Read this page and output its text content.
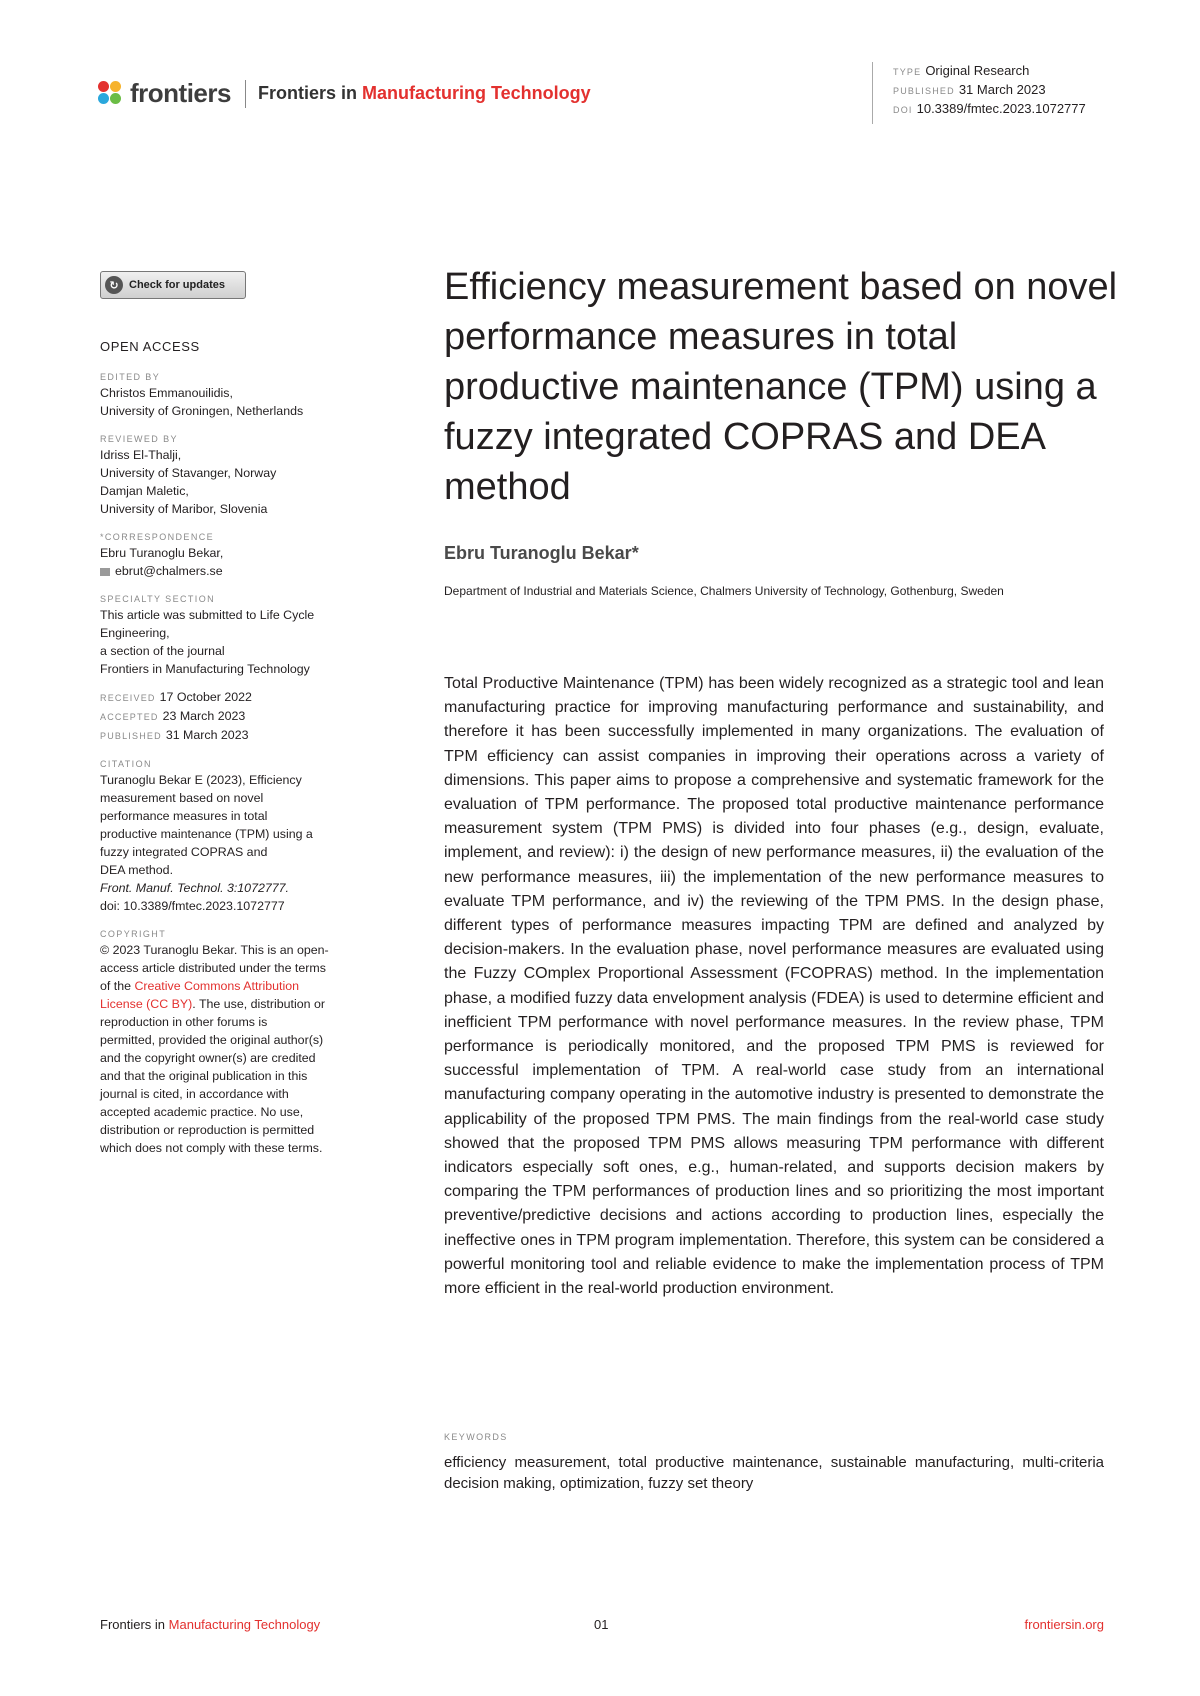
frontiers Frontiers in Manufacturing Technology
TYPE Original Research
PUBLISHED 31 March 2023
DOI 10.3389/fmtec.2023.1072777
↻ Check for updates
OPEN ACCESS
EDITED BY
Christos Emmanouilidis,
University of Groningen, Netherlands
REVIEWED BY
Idriss El-Thalji,
University of Stavanger, Norway
Damjan Maletic,
University of Maribor, Slovenia
*CORRESPONDENCE
Ebru Turanoglu Bekar,
ebrut@chalmers.se
SPECIALTY SECTION
This article was submitted to Life Cycle
Engineering,
a section of the journal
Frontiers in Manufacturing Technology
RECEIVED 17 October 2022
ACCEPTED 23 March 2023
PUBLISHED 31 March 2023
CITATION
Turanoglu Bekar E (2023), Efficiency
measurement based on novel
performance measures in total
productive maintenance (TPM) using a
fuzzy integrated COPRAS and
DEA method.
Front. Manuf. Technol. 3:1072777.
doi: 10.3389/fmtec.2023.1072777
COPYRIGHT
© 2023 Turanoglu Bekar. This is an open-
access article distributed under the terms
of the Creative Commons Attribution
License (CC BY). The use, distribution or
reproduction in other forums is
permitted, provided the original author(s)
and the copyright owner(s) are credited
and that the original publication in this
journal is cited, in accordance with
accepted academic practice. No use,
distribution or reproduction is permitted
which does not comply with these terms.
Efficiency measurement based on novel performance measures in total productive maintenance (TPM) using a fuzzy integrated COPRAS and DEA method
Ebru Turanoglu Bekar*
Department of Industrial and Materials Science, Chalmers University of Technology, Gothenburg, Sweden

Total Productive Maintenance (TPM) has been widely recognized as a strategic tool and lean manufacturing practice for improving manufacturing performance and sustainability, and therefore it has been successfully implemented in many organizations. The evaluation of TPM efficiency can assist companies in improving their operations across a variety of dimensions. This paper aims to propose a comprehensive and systematic framework for the evaluation of TPM performance. The proposed total productive maintenance performance measurement system (TPM PMS) is divided into four phases (e.g., design, evaluate, implement, and review): i) the design of new performance measures, ii) the evaluation of the new performance measures, iii) the implementation of the new performance measures to evaluate TPM performance, and iv) the reviewing of the TPM PMS. In the design phase, different types of performance measures impacting TPM are defined and analyzed by decision-makers. In the evaluation phase, novel performance measures are evaluated using the Fuzzy COmplex Proportional Assessment (FCOPRAS) method. In the implementation phase, a modified fuzzy data envelopment analysis (FDEA) is used to determine efficient and inefficient TPM performance with novel performance measures. In the review phase, TPM performance is periodically monitored, and the proposed TPM PMS is reviewed for successful implementation of TPM. A real-world case study from an international manufacturing company operating in the automotive industry is presented to demonstrate the applicability of the proposed TPM PMS. The main findings from the real-world case study showed that the proposed TPM PMS allows measuring TPM performance with different indicators especially soft ones, e.g., human-related, and supports decision makers by comparing the TPM performances of production lines and so prioritizing the most important preventive/predictive decisions and actions according to production lines, especially the ineffective ones in TPM program implementation. Therefore, this system can be considered a powerful monitoring tool and reliable evidence to make the implementation process of TPM more efficient in the real-world production environment.

KEYWORDS
efficiency measurement, total productive maintenance, sustainable manufacturing, multi-criteria decision making, optimization, fuzzy set theory
Frontiers in Manufacturing Technology	01	frontiersin.org
